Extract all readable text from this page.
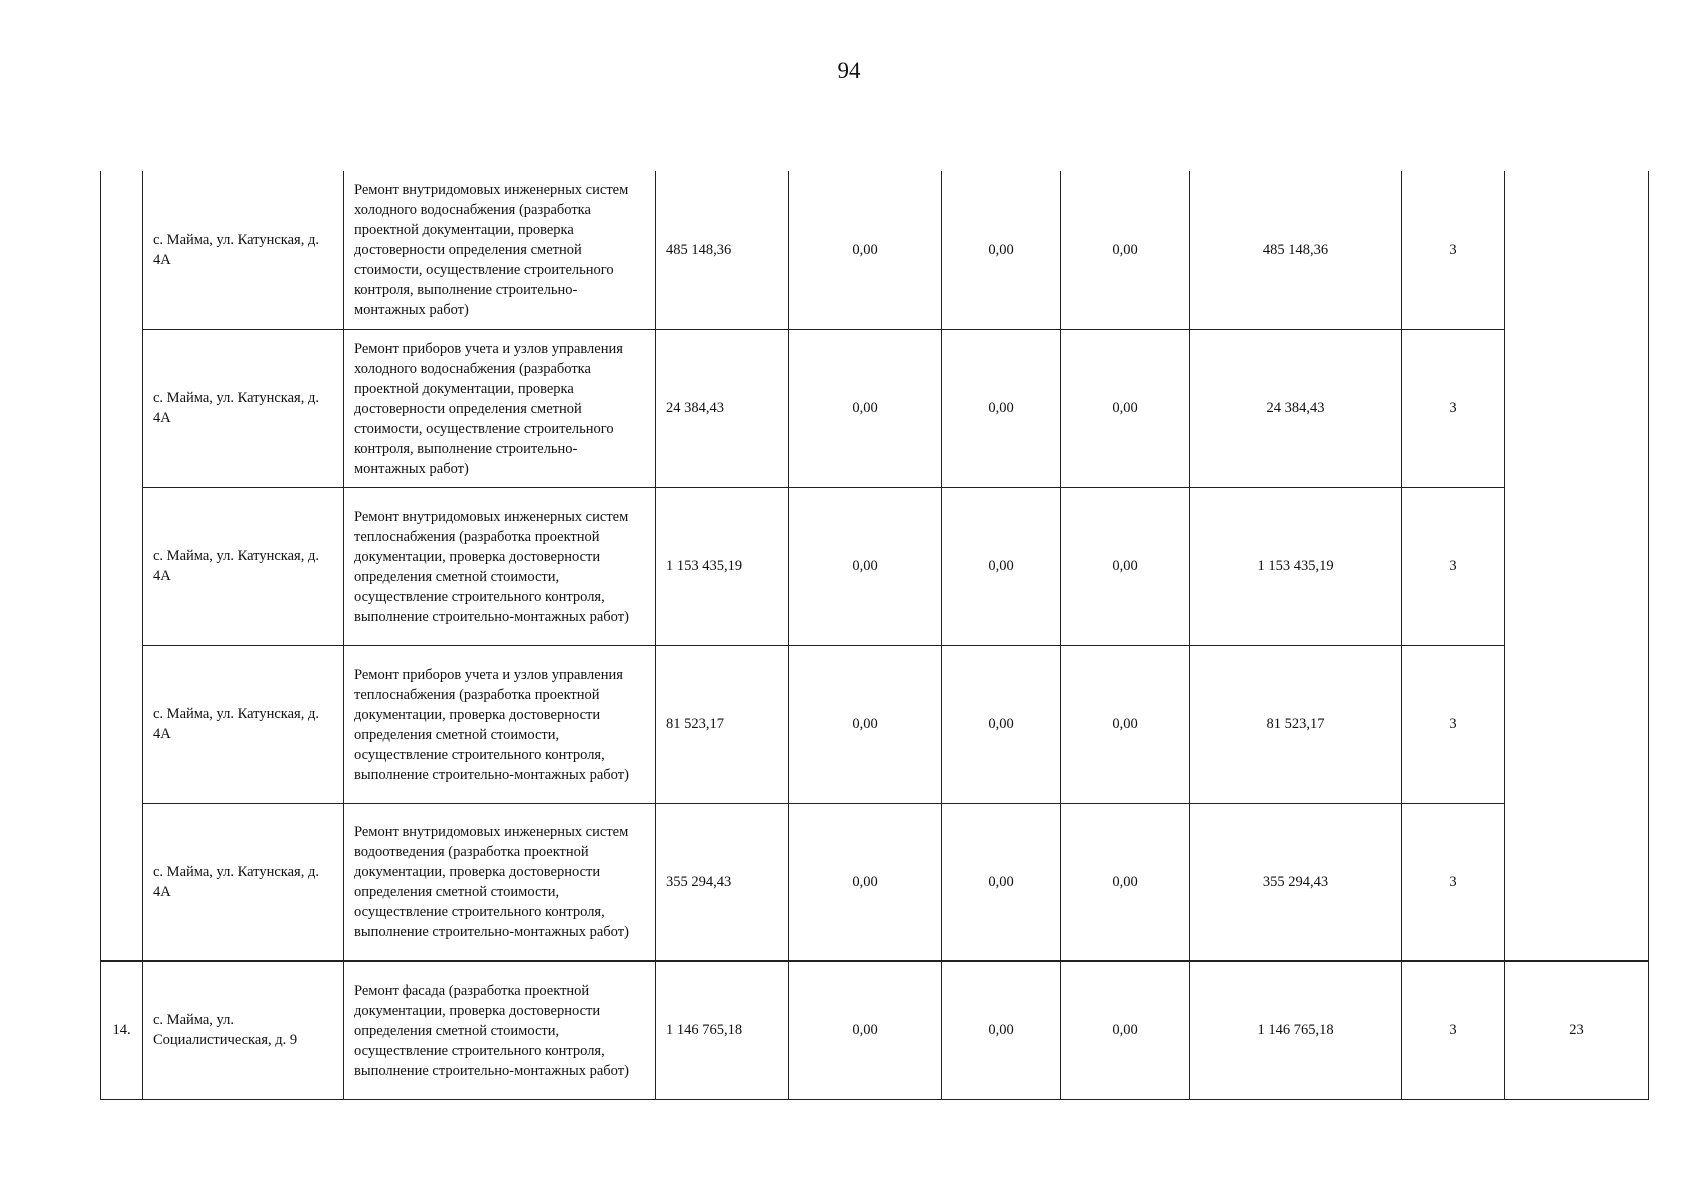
94
	с. Майма, ул. Катунская, д. 4А	Ремонт внутридомовых инженерных систем холодного водоснабжения (разработка проектной документации, проверка достоверности определения сметной стоимости, осуществление строительного контроля, выполнение строительно-монтажных работ)	485 148,36	0,00	0,00	0,00	485 148,36	3	
	с. Майма, ул. Катунская, д. 4А	Ремонт приборов учета и узлов управления холодного водоснабжения (разработка проектной документации, проверка достоверности определения сметной стоимости, осуществление строительного контроля, выполнение строительно-монтажных работ)	24 384,43	0,00	0,00	0,00	24 384,43	3	
	с. Майма, ул. Катунская, д. 4А	Ремонт внутридомовых инженерных систем теплоснабжения (разработка проектной документации, проверка достоверности определения сметной стоимости, осуществление строительного контроля, выполнение строительно-монтажных работ)	1 153 435,19	0,00	0,00	0,00	1 153 435,19	3	
	с. Майма, ул. Катунская, д. 4А	Ремонт приборов учета и узлов управления теплоснабжения (разработка проектной документации, проверка достоверности определения сметной стоимости, осуществление строительного контроля, выполнение строительно-монтажных работ)	81 523,17	0,00	0,00	0,00	81 523,17	3	
	с. Майма, ул. Катунская, д. 4А	Ремонт внутридомовых инженерных систем водоотведения (разработка проектной документации, проверка достоверности определения сметной стоимости, осуществление строительного контроля, выполнение строительно-монтажных работ)	355 294,43	0,00	0,00	0,00	355 294,43	3	
14.	с. Майма, ул. Социалистическая, д. 9	Ремонт фасада (разработка проектной документации, проверка достоверности определения сметной стоимости, осуществление строительного контроля, выполнение строительно-монтажных работ)	1 146 765,18	0,00	0,00	0,00	1 146 765,18	3	23
